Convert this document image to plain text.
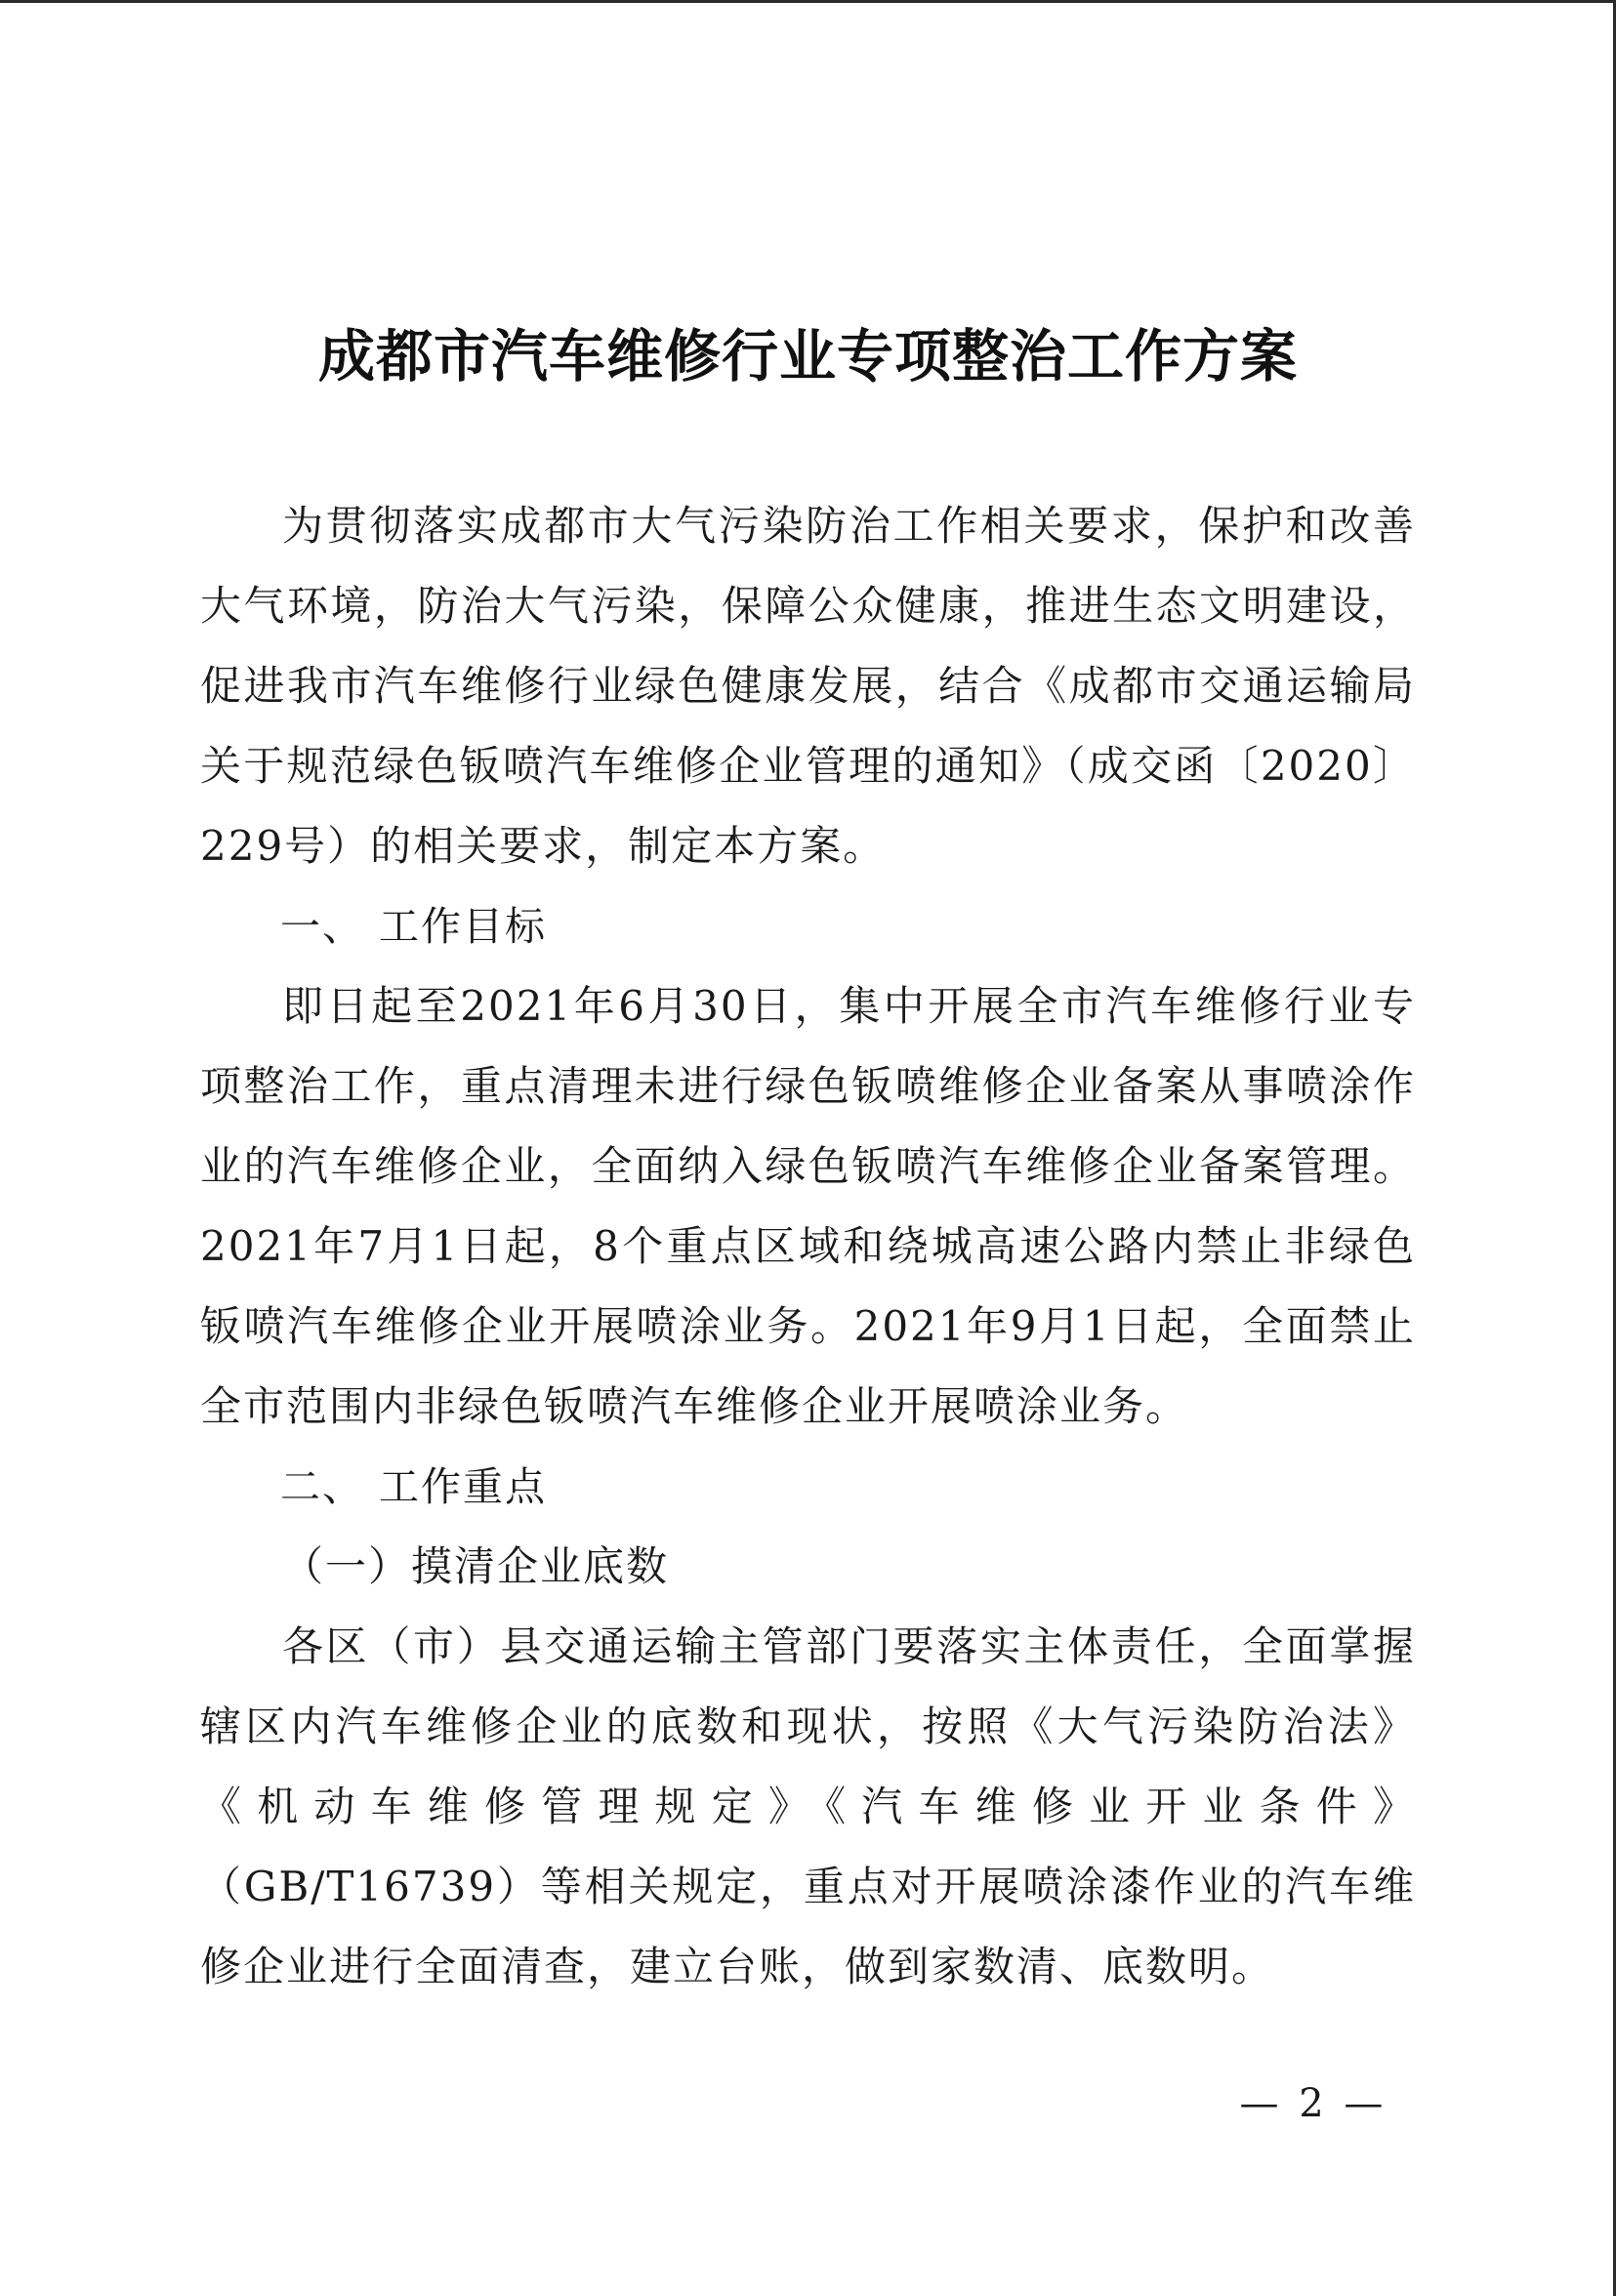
成都市汽车维修行业专项整治工作方案

为贯彻落实成都市大气污染防治工作相关要求，保护和改善大气环境，防治大气污染，保障公众健康，推进生态文明建设，促进我市汽车维修行业绿色健康发展，结合《成都市交通运输局关于规范绿色钣喷汽车维修企业管理的通知》（成交函〔2020〕229号）的相关要求，制定本方案。

一、 工作目标

即日起至2021年6月30日，集中开展全市汽车维修行业专项整治工作，重点清理未进行绿色钣喷维修企业备案从事喷涂作业的汽车维修企业，全面纳入绿色钣喷汽车维修企业备案管理。2021年7月1日起，8个重点区域和绕城高速公路内禁止非绿色钣喷汽车维修企业开展喷涂业务。2021年9月1日起，全面禁止全市范围内非绿色钣喷汽车维修企业开展喷涂业务。

二、 工作重点

（一）摸清企业底数

各区（市）县交通运输主管部门要落实主体责任，全面掌握辖区内汽车维修企业的底数和现状，按照《大气污染防治法》《机动车维修管理规定》《汽车维修业开业条件》（GB/T16739）等相关规定，重点对开展喷涂漆作业的汽车维修企业进行全面清查，建立台账，做到家数清、底数明。

— 2 —
